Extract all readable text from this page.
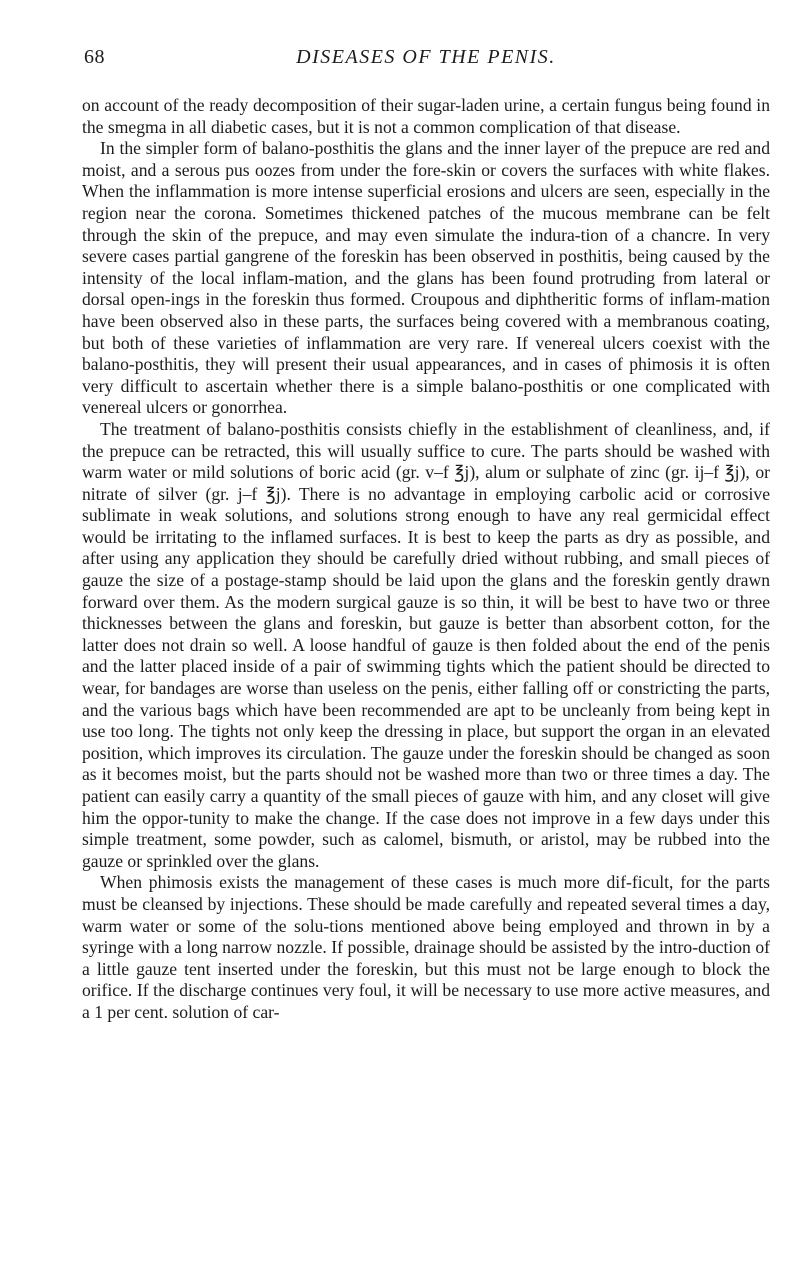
68	DISEASES OF THE PENIS.

on account of the ready decomposition of their sugar-laden urine, a certain fungus being found in the smegma in all diabetic cases, but it is not a common complication of that disease.

In the simpler form of balano-posthitis the glans and the inner layer of the prepuce are red and moist, and a serous pus oozes from under the fore-skin or covers the surfaces with white flakes. When the inflammation is more intense superficial erosions and ulcers are seen, especially in the region near the corona. Sometimes thickened patches of the mucous membrane can be felt through the skin of the prepuce, and may even simulate the indura-tion of a chancre. In very severe cases partial gangrene of the foreskin has been observed in posthitis, being caused by the intensity of the local inflam-mation, and the glans has been found protruding from lateral or dorsal open-ings in the foreskin thus formed. Croupous and diphtheritic forms of inflam-mation have been observed also in these parts, the surfaces being covered with a membranous coating, but both of these varieties of inflammation are very rare. If venereal ulcers coexist with the balano-posthitis, they will present their usual appearances, and in cases of phimosis it is often very difficult to ascertain whether there is a simple balano-posthitis or one complicated with venereal ulcers or gonorrhea.

The treatment of balano-posthitis consists chiefly in the establishment of cleanliness, and, if the prepuce can be retracted, this will usually suffice to cure. The parts should be washed with warm water or mild solutions of boric acid (gr. v–f ℥j), alum or sulphate of zinc (gr. ij–f ℥j), or nitrate of silver (gr. j–f ℥j). There is no advantage in employing carbolic acid or corrosive sublimate in weak solutions, and solutions strong enough to have any real germicidal effect would be irritating to the inflamed surfaces. It is best to keep the parts as dry as possible, and after using any application they should be carefully dried without rubbing, and small pieces of gauze the size of a postage-stamp should be laid upon the glans and the foreskin gently drawn forward over them. As the modern surgical gauze is so thin, it will be best to have two or three thicknesses between the glans and foreskin, but gauze is better than absorbent cotton, for the latter does not drain so well. A loose handful of gauze is then folded about the end of the penis and the latter placed inside of a pair of swimming tights which the patient should be directed to wear, for bandages are worse than useless on the penis, either falling off or constricting the parts, and the various bags which have been recommended are apt to be uncleanly from being kept in use too long. The tights not only keep the dressing in place, but support the organ in an elevated position, which improves its circulation. The gauze under the foreskin should be changed as soon as it becomes moist, but the parts should not be washed more than two or three times a day. The patient can easily carry a quantity of the small pieces of gauze with him, and any closet will give him the oppor-tunity to make the change. If the case does not improve in a few days under this simple treatment, some powder, such as calomel, bismuth, or aristol, may be rubbed into the gauze or sprinkled over the glans.

When phimosis exists the management of these cases is much more dif-ficult, for the parts must be cleansed by injections. These should be made carefully and repeated several times a day, warm water or some of the solu-tions mentioned above being employed and thrown in by a syringe with a long narrow nozzle. If possible, drainage should be assisted by the intro-duction of a little gauze tent inserted under the foreskin, but this must not be large enough to block the orifice. If the discharge continues very foul, it will be necessary to use more active measures, and a 1 per cent. solution of car-
